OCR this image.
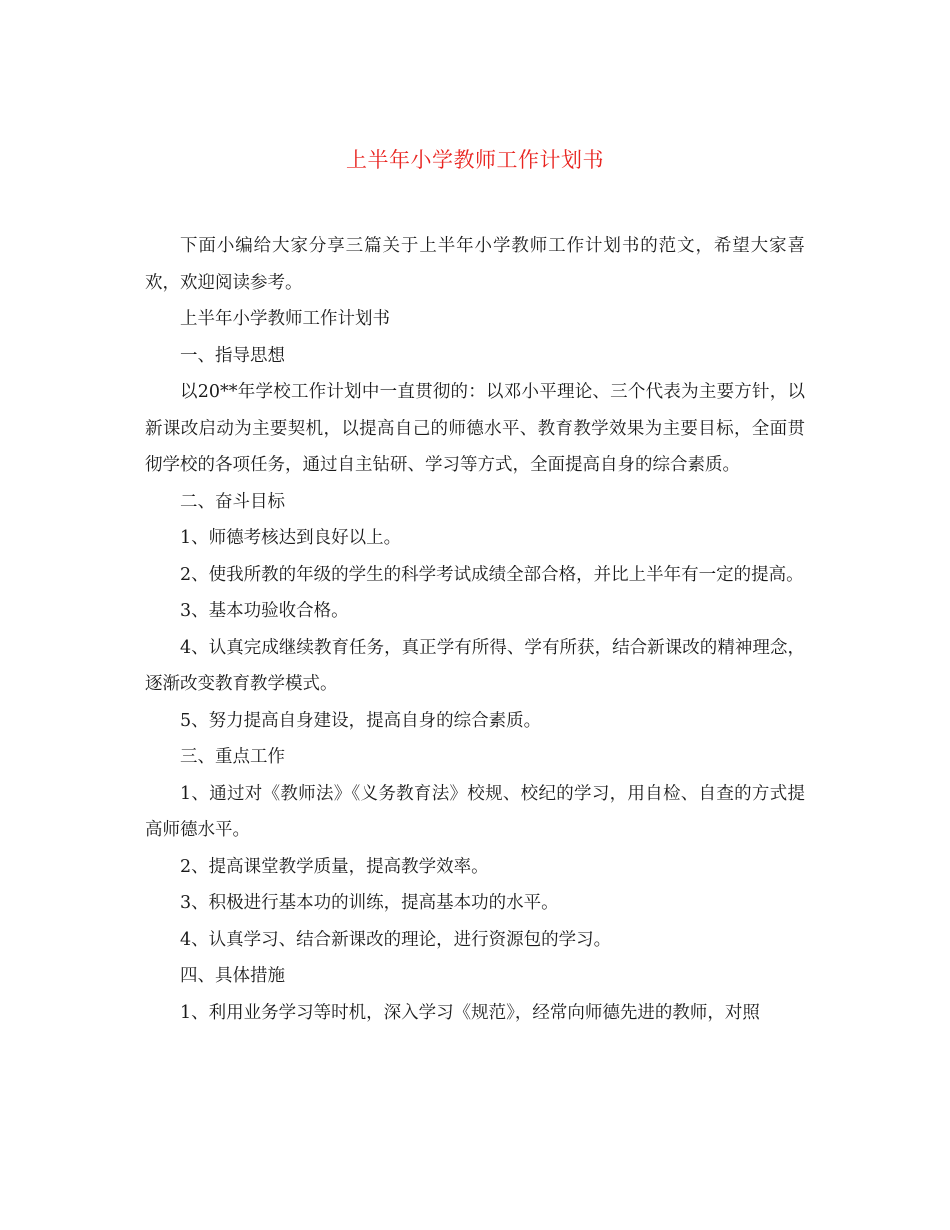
上半年小学教师工作计划书

下面小编给大家分享三篇关于上半年小学教师工作计划书的范文，希望大家喜欢，欢迎阅读参考。

上半年小学教师工作计划书

一、指导思想

以20**年学校工作计划中一直贯彻的：以邓小平理论、三个代表为主要方针，以新课改启动为主要契机，以提高自己的师德水平、教育教学效果为主要目标，全面贯彻学校的各项任务，通过自主钻研、学习等方式，全面提高自身的综合素质。

二、奋斗目标

1、师德考核达到良好以上。

2、使我所教的年级的学生的科学考试成绩全部合格，并比上半年有一定的提高。

3、基本功验收合格。

4、认真完成继续教育任务，真正学有所得、学有所获，结合新课改的精神理念，逐渐改变教育教学模式。

5、努力提高自身建设，提高自身的综合素质。

三、重点工作

1、通过对《教师法》《义务教育法》校规、校纪的学习，用自检、自查的方式提高师德水平。

2、提高课堂教学质量，提高教学效率。

3、积极进行基本功的训练，提高基本功的水平。

4、认真学习、结合新课改的理论，进行资源包的学习。

四、具体措施

1、利用业务学习等时机，深入学习《规范》，经常向师德先进的教师，对照
